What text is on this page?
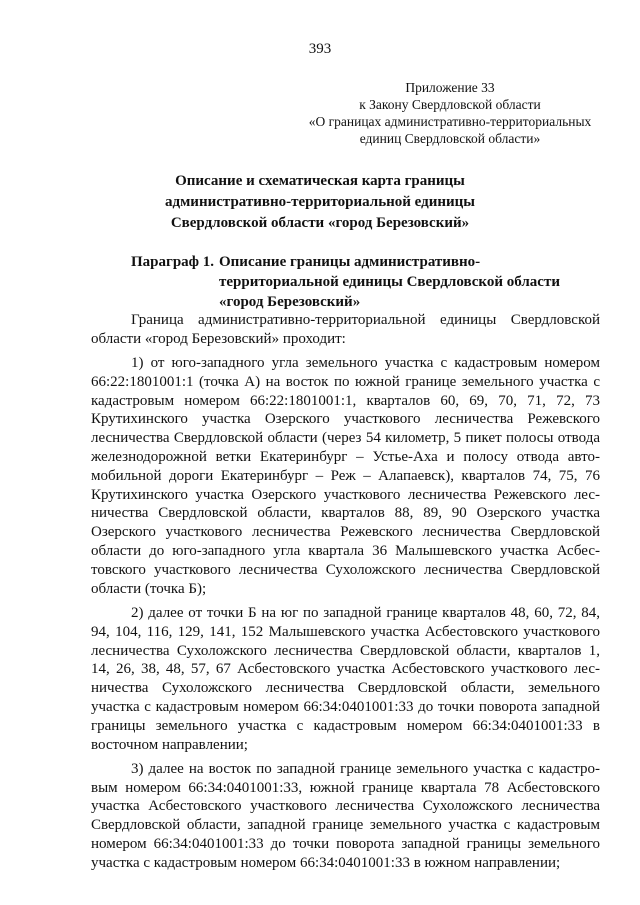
393
Приложение 33
к Закону Свердловской области
«О границах административно-территориальных
единиц Свердловской области»
Описание и схематическая карта границы
административно-территориальной единицы
Свердловской области «город Березовский»
Параграф 1. Описание границы административно-
территориальной единицы Свердловской области
«город Березовский»

Граница административно-территориальной единицы Свердловской области «город Березовский» проходит:

1) от юго-западного угла земельного участка с кадастровым номером 66:22:1801001:1 (точка А) на восток по южной границе земельного участка с кадастровым номером 66:22:1801001:1, кварталов 60, 69, 70, 71, 72, 73 Крутихинского участка Озерского участкового лесничества Режевского лесничества Свердловской области (через 54 километр, 5 пикет полосы отвода железнодорожной ветки Екатеринбург – Устье-Аха и полосу отвода автомобильной дороги Екатеринбург – Реж – Алапаевск), кварталов 74, 75, 76 Крутихинского участка Озерского участкового лесничества Режевского лесничества Свердловской области, кварталов 88, 89, 90 Озерского участка Озерского участкового лесничества Режевского лесничества Свердловской области до юго-западного угла квартала 36 Малышевского участка Асбестовского участкового лесничества Сухоложского лесничества Свердловской области (точка Б);

2) далее от точки Б на юг по западной границе кварталов 48, 60, 72, 84, 94, 104, 116, 129, 141, 152 Малышевского участка Асбестовского участкового лесничества Сухоложского лесничества Свердловской области, кварталов 1, 14, 26, 38, 48, 57, 67 Асбестовского участка Асбестовского участкового лесничества Сухоложского лесничества Свердловской области, земельного участка с кадастровым номером 66:34:0401001:33 до точки поворота западной границы земельного участка с кадастровым номером 66:34:0401001:33 в восточном направлении;

3) далее на восток по западной границе земельного участка с кадастровым номером 66:34:0401001:33, южной границе квартала 78 Асбестовского участка Асбестовского участкового лесничества Сухоложского лесничества Свердловской области, западной границе земельного участка с кадастровым номером 66:34:0401001:33 до точки поворота западной границы земельного участка с кадастровым номером 66:34:0401001:33 в южном направлении;
